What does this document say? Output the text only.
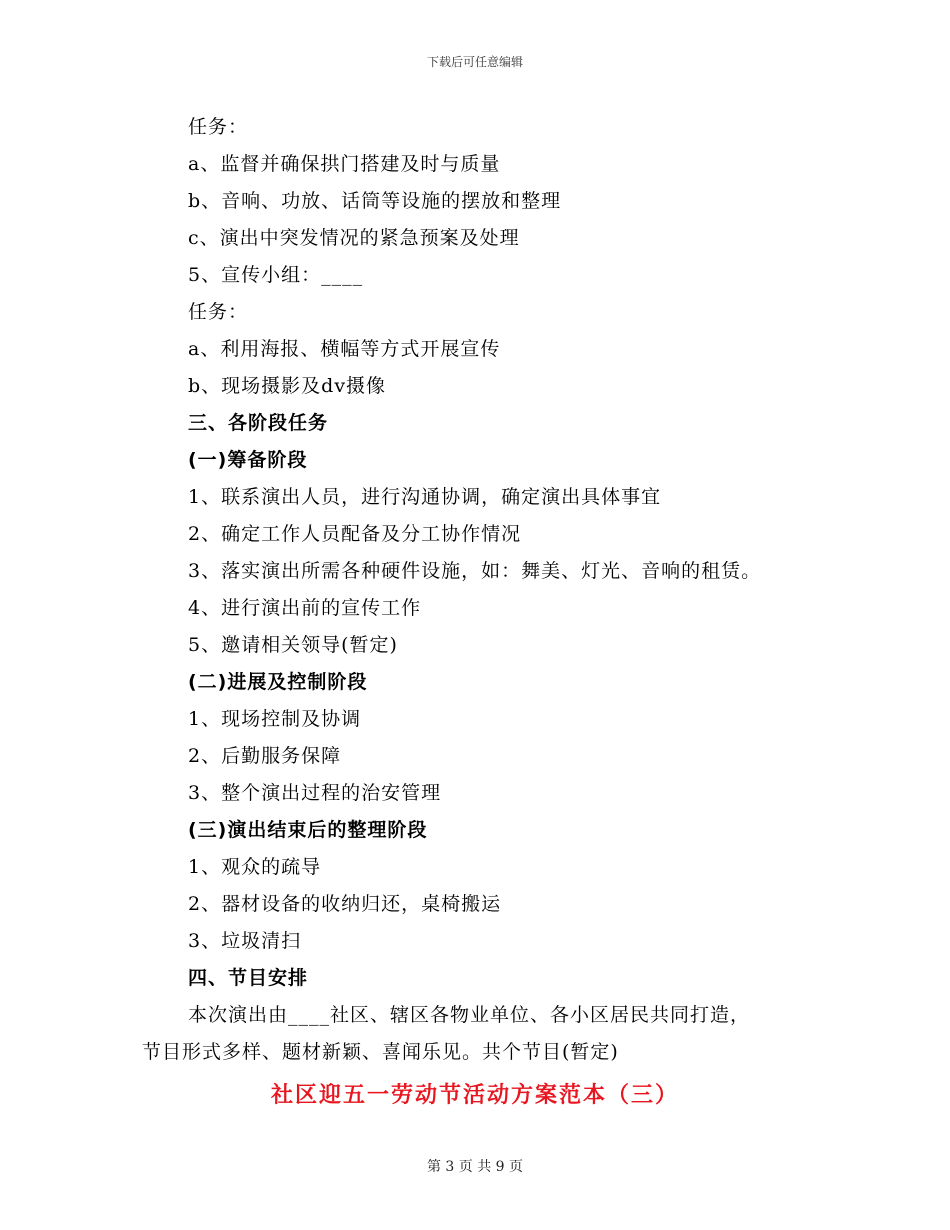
下载后可任意编辑
任务：
a、监督并确保拱门搭建及时与质量
b、音响、功放、话筒等设施的摆放和整理
c、演出中突发情况的紧急预案及处理
5、宣传小组：____
任务：
a、利用海报、横幅等方式开展宣传
b、现场摄影及dv摄像
三、各阶段任务
(一)筹备阶段
1、联系演出人员，进行沟通协调，确定演出具体事宜
2、确定工作人员配备及分工协作情况
3、落实演出所需各种硬件设施，如：舞美、灯光、音响的租赁。
4、进行演出前的宣传工作
5、邀请相关领导(暂定)
(二)进展及控制阶段
1、现场控制及协调
2、后勤服务保障
3、整个演出过程的治安管理
(三)演出结束后的整理阶段
1、观众的疏导
2、器材设备的收纳归还，桌椅搬运
3、垃圾清扫
四、节目安排
本次演出由____社区、辖区各物业单位、各小区居民共同打造，
节目形式多样、题材新颖、喜闻乐见。共个节目(暂定)
社区迎五一劳动节活动方案范本（三）
第 3 页 共 9 页
